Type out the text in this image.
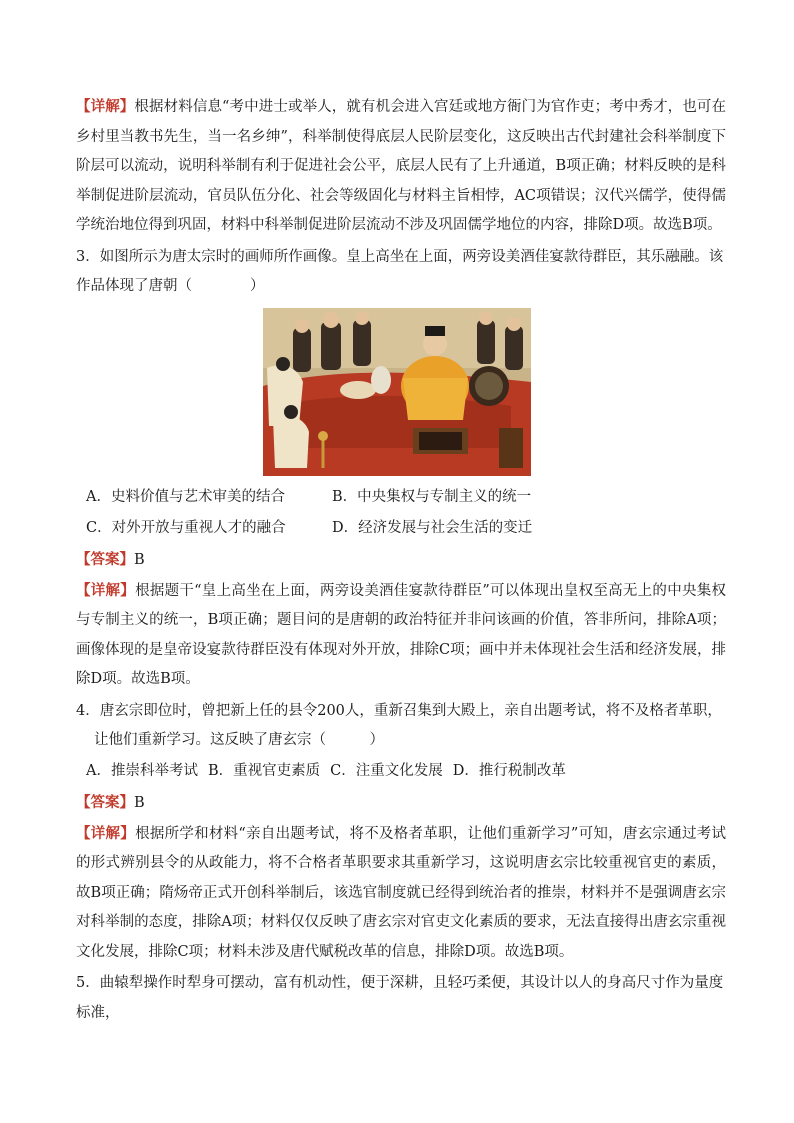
【详解】根据材料信息“考中进士或举人，就有机会进入宫廷或地方衙门为官作吏；考中秀才，也可在乡村里当教书先生，当一名乡绅”，科举制使得底层人民阶层变化，这反映出古代封建社会科举制度下阶层可以流动，说明科举制有利于促进社会公平，底层人民有了上升通道，B项正确；材料反映的是科举制促进阶层流动，官员队伍分化、社会等级固化与材料主旨相悖，AC项错误；汉代兴儒学，使得儒学统治地位得到巩固，材料中科举制促进阶层流动不涉及巩固儒学地位的内容，排除D项。故选B项。

3．如图所示为唐太宗时的画师所作画像。皇上高坐在上面，两旁设美酒佳宴款待群臣，其乐融融。该作品体现了唐朝（　　　　）

A．史料价值与艺术审美的结合	B．中央集权与专制主义的统一
C．对外开放与重视人才的融合	D．经济发展与社会生活的变迁

【答案】B

【详解】根据题干“皇上高坐在上面，两旁设美酒佳宴款待群臣”可以体现出皇权至高无上的中央集权与专制主义的统一，B项正确；题目问的是唐朝的政治特征并非问该画的价值，答非所问，排除A项；画像体现的是皇帝设宴款待群臣没有体现对外开放，排除C项；画中并未体现社会生活和经济发展，排除D项。故选B项。

4．唐玄宗即位时，曾把新上任的县令200人，重新召集到大殿上，亲自出题考试，将不及格者革职，让他们重新学习。这反映了唐玄宗（　　　）

A．推崇科举考试 B．重视官吏素质 C．注重文化发展 D．推行税制改革

【答案】B

【详解】根据所学和材料“亲自出题考试，将不及格者革职，让他们重新学习”可知，唐玄宗通过考试的形式辨别县令的从政能力，将不合格者革职要求其重新学习，这说明唐玄宗比较重视官吏的素质，故B项正确；隋炀帝正式开创科举制后，该选官制度就已经得到统治者的推崇，材料并不是强调唐玄宗对科举制的态度，排除A项；材料仅仅反映了唐玄宗对官吏文化素质的要求，无法直接得出唐玄宗重视文化发展，排除C项；材料未涉及唐代赋税改革的信息，排除D项。故选B项。

5．曲辕犁操作时犁身可摆动，富有机动性，便于深耕，且轻巧柔便，其设计以人的身高尺寸作为量度标准，
